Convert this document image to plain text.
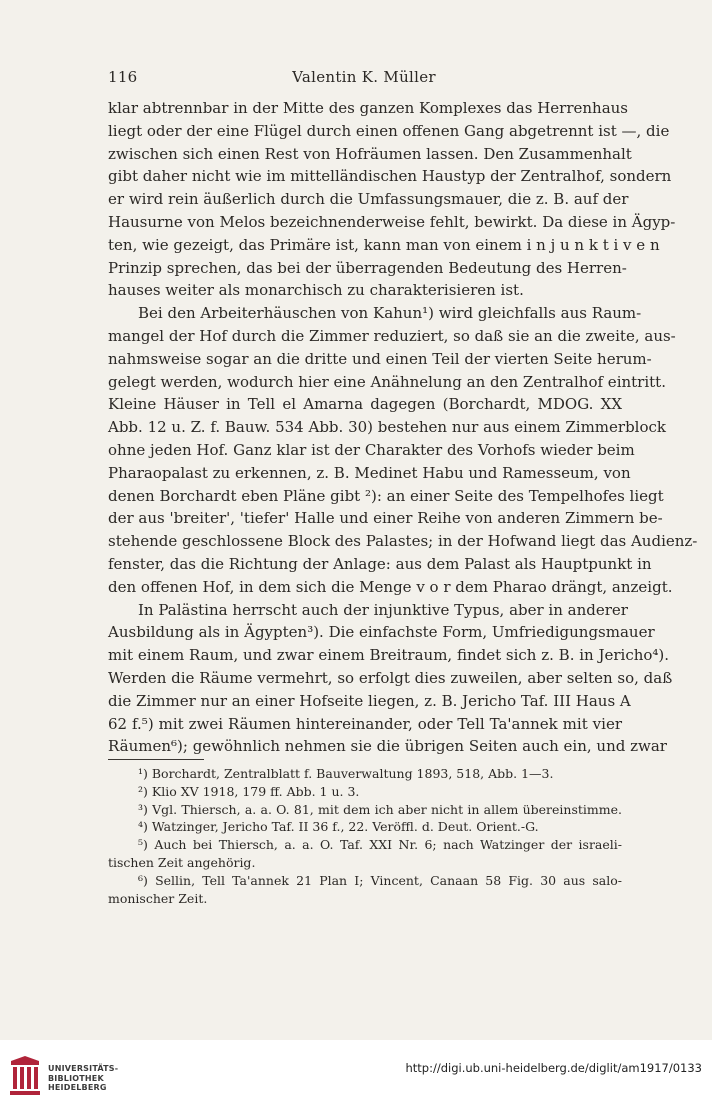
116	Valentin K. Müller
klar abtrennbar in der Mitte des ganzen Komplexes das Herrenhaus
liegt oder der eine Flügel durch einen offenen Gang abgetrennt ist —, die
zwischen sich einen Rest von Hofräumen lassen. Den Zusammenhalt
gibt daher nicht wie im mittelländischen Haustyp der Zentralhof, sondern
er wird rein äußerlich durch die Umfassungsmauer, die z. B. auf der
Hausurne von Melos bezeichnenderweise fehlt, bewirkt. Da diese in Ägyp-
ten, wie gezeigt, das Primäre ist, kann man von einem i n j u n k t i v e n
Prinzip sprechen, das bei der überragenden Bedeutung des Herren-
hauses weiter als monarchisch zu charakterisieren ist.
Bei den Arbeiterhäuschen von Kahun¹) wird gleichfalls aus Raum-
mangel der Hof durch die Zimmer reduziert, so daß sie an die zweite, aus-
nahmsweise sogar an die dritte und einen Teil der vierten Seite herum-
gelegt werden, wodurch hier eine Anähnelung an den Zentralhof eintritt.
Kleine Häuser in Tell el Amarna dagegen (Borchardt, MDOG. XX
Abb. 12 u. Z. f. Bauw. 534 Abb. 30) bestehen nur aus einem Zimmerblock
ohne jeden Hof. Ganz klar ist der Charakter des Vorhofs wieder beim
Pharaopalast zu erkennen, z. B. Medinet Habu und Ramesseum, von
denen Borchardt eben Pläne gibt ²): an einer Seite des Tempelhofes liegt
der aus 'breiter', 'tiefer' Halle und einer Reihe von anderen Zimmern be-
stehende geschlossene Block des Palastes; in der Hofwand liegt das Audienz-
fenster, das die Richtung der Anlage: aus dem Palast als Hauptpunkt in
den offenen Hof, in dem sich die Menge v o r dem Pharao drängt, anzeigt.
In Palästina herrscht auch der injunktive Typus, aber in anderer
Ausbildung als in Ägypten³). Die einfachste Form, Umfriedigungsmauer
mit einem Raum, und zwar einem Breitraum, findet sich z. B. in Jericho⁴).
Werden die Räume vermehrt, so erfolgt dies zuweilen, aber selten so, daß
die Zimmer nur an einer Hofseite liegen, z. B. Jericho Taf. III Haus A
62 f.⁵) mit zwei Räumen hintereinander, oder Tell Ta'annek mit vier
Räumen⁶); gewöhnlich nehmen sie die übrigen Seiten auch ein, und zwar
¹) Borchardt, Zentralblatt f. Bauverwaltung 1893, 518, Abb. 1—3.
²) Klio XV 1918, 179 ff. Abb. 1 u. 3.
³) Vgl. Thiersch, a. a. O. 81, mit dem ich aber nicht in allem übereinstimme.
⁴) Watzinger, Jericho Taf. II 36 f., 22. Veröffl. d. Deut. Orient.-G.
⁵) Auch bei Thiersch, a. a. O. Taf. XXI Nr. 6; nach Watzinger der israeli-
tischen Zeit angehörig.
⁶) Sellin, Tell Ta'annek 21 Plan I; Vincent, Canaan 58 Fig. 30 aus salo-
monischer Zeit.
UNIVERSITÄTS-
BIBLIOTHEK
HEIDELBERG
http://digi.ub.uni-heidelberg.de/diglit/am1917/0133
